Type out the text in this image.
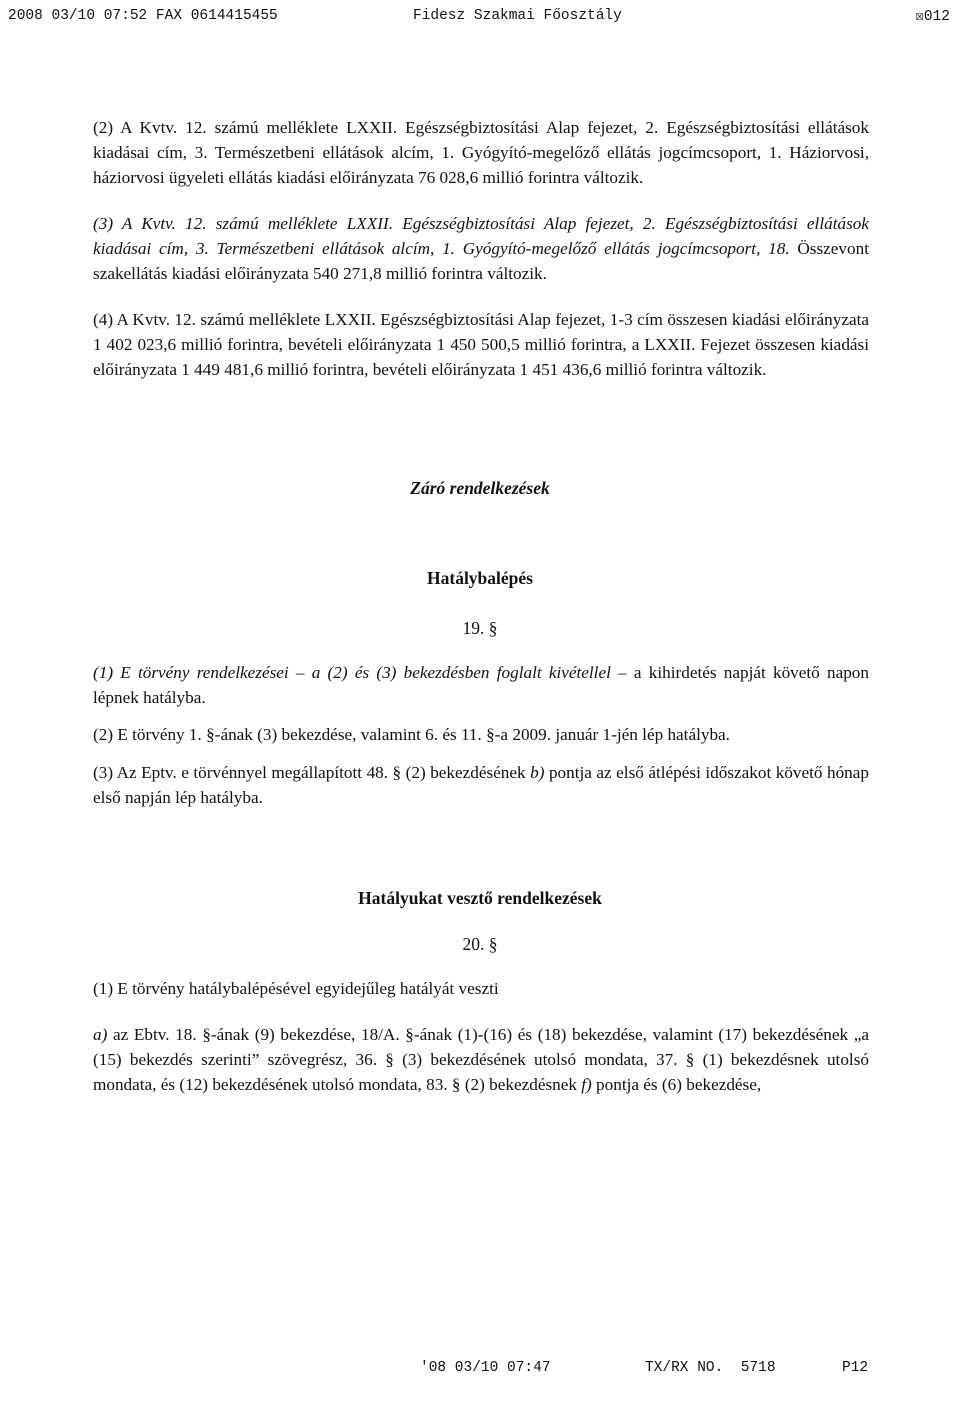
2008 03/10 07:52 FAX 0614415455	Fidesz Szakmai Főosztály	☒012

(2) A Kvtv. 12. számú melléklete LXXII. Egészségbiztosítási Alap fejezet, 2. Egészségbiztosítási ellátások kiadásai cím, 3. Természetbeni ellátások alcím, 1. Gyógyító-megelőző ellátás jogcímcsoport, 1. Háziorvosi, háziorvosi ügyeleti ellátás kiadási előirányzata 76 028,6 millió forintra változik.

(3) A Kvtv. 12. számú melléklete LXXII. Egészségbiztosítási Alap fejezet, 2. Egészségbiztosítási ellátások kiadásai cím, 3. Természetbeni ellátások alcím, 1. Gyógyító-megelőző ellátás jogcímcsoport, 18. Összevont szakellátás kiadási előirányzata 540 271,8 millió forintra változik.

(4) A Kvtv. 12. számú melléklete LXXII. Egészségbiztosítási Alap fejezet, 1-3 cím összesen kiadási előirányzata 1 402 023,6 millió forintra, bevételi előirányzata 1 450 500,5 millió forintra, a LXXII. Fejezet összesen kiadási előirányzata 1 449 481,6 millió forintra, bevételi előirányzata 1 451 436,6 millió forintra változik.

Záró rendelkezések

Hatálybalépés

19. §

(1) E törvény rendelkezései – a (2) és (3) bekezdésben foglalt kivétellel – a kihirdetés napját követő napon lépnek hatályba.

(2) E törvény 1. §-ának (3) bekezdése, valamint 6. és 11. §-a 2009. január 1-jén lép hatályba.

(3) Az Eptv. e törvénnyel megállapított 48. § (2) bekezdésének b) pontja az első átlépési időszakot követő hónap első napján lép hatályba.

Hatályukat vesztő rendelkezések

20. §

(1) E törvény hatálybalépésével egyidejűleg hatályát veszti

a) az Ebtv. 18. §-ának (9) bekezdése, 18/A. §-ának (1)-(16) és (18) bekezdése, valamint (17) bekezdésének „a (15) bekezdés szerinti” szövegrész, 36. § (3) bekezdésének utolsó mondata, 37. § (1) bekezdésnek utolsó mondata, és (12) bekezdésének utolsó mondata, 83. § (2) bekezdésnek f) pontja és (6) bekezdése,

'08 03/10 07:47	TX/RX NO.  5718	P12
